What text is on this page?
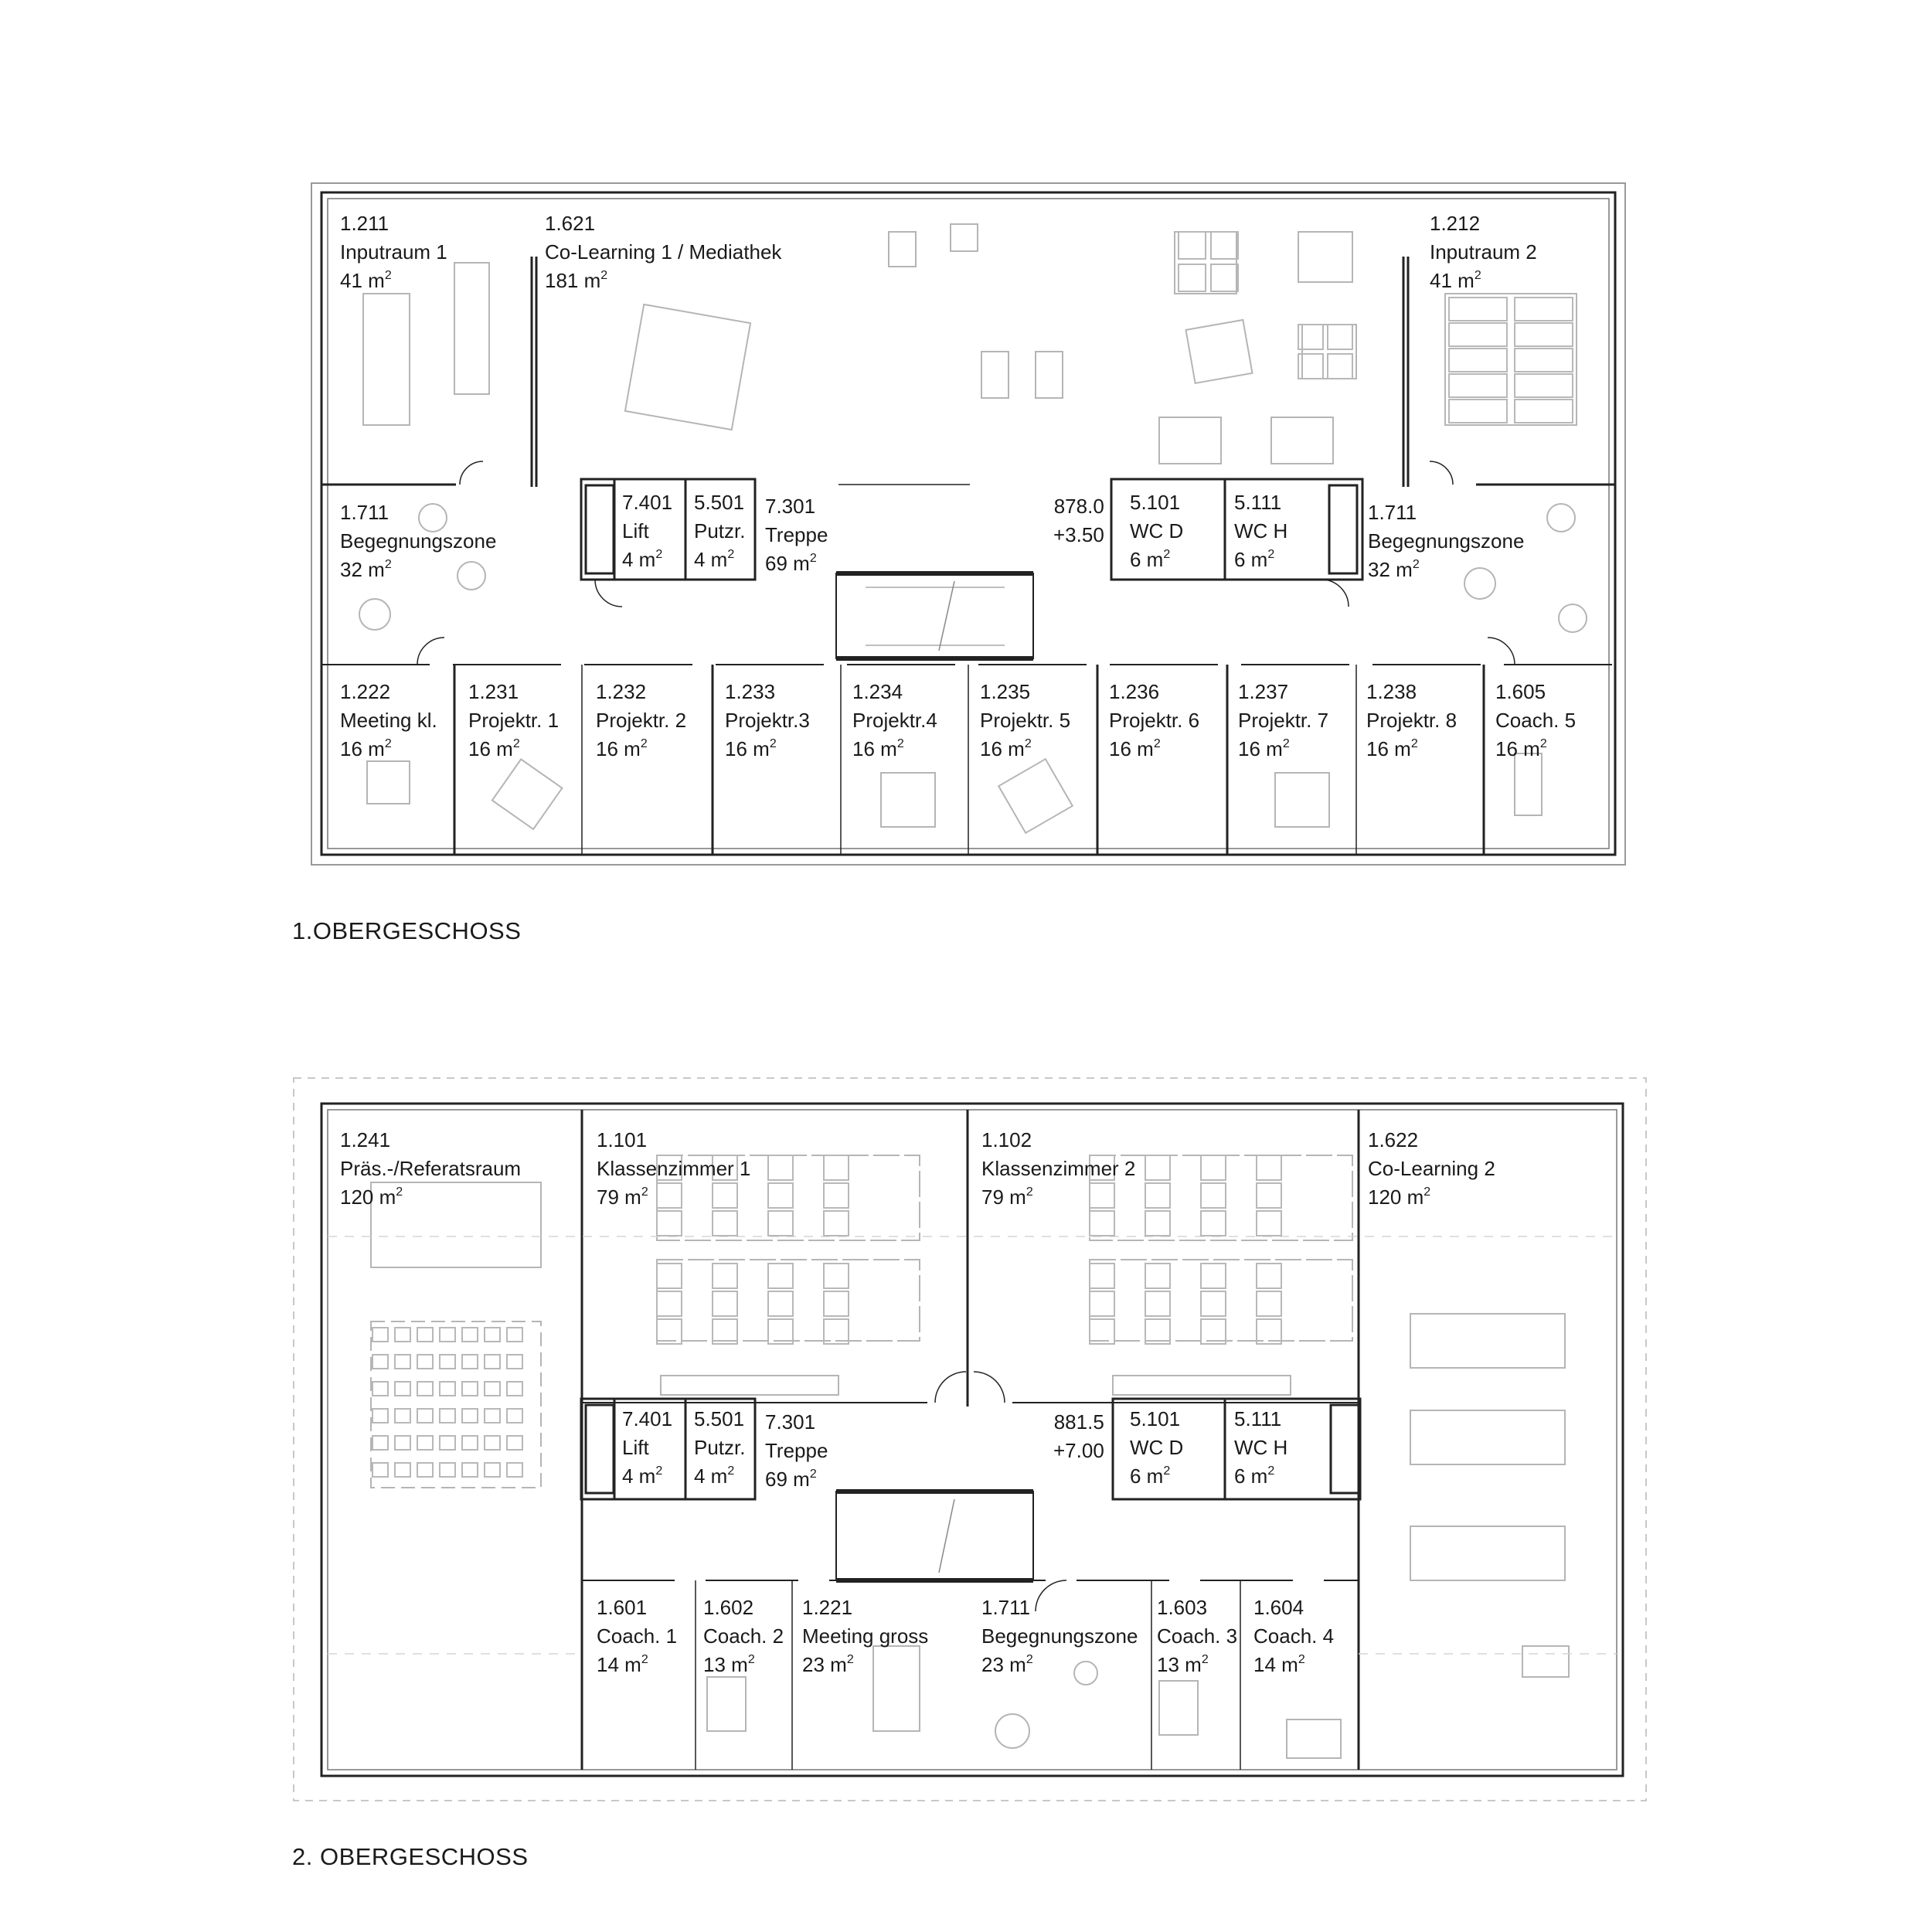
1.211
Inputraum 1
41 $m^2$
1.621
Co-Learning 1 / Mediathek
181 $m^2$
1.212
Inputraum 2
41 $m^2$
1.711
Begegnungszone
32 $m^2$
7.401
Lift
4 $m^2$
5.501
Putzr.
4 $m^2$
7.301
Treppe
69 $m^2$
878.0
+3.50
5.101
WC D
6 $m^2$
5.111
WC H
6 $m^2$
1.711
Begegnungszone
32 $m^2$
1.222
Meeting kl.
16 $m^2$
1.231
Projektr. 1
16 $m^2$
1.232
Projektr. 2
16 $m^2$
1.233
Projektr.3
16 $m^2$
1.234
Projektr.4
16 $m^2$
1.235
Projektr. 5
16 $m^2$
1.236
Projektr. 6
16 $m^2$
1.237
Projektr. 7
16 $m^2$
1.238
Projektr. 8
16 $m^2$
1.605
Coach. 5
16 $m^2$
1.OBERGESCHOSS
1.241
Präs.-/Referatsraum
120 $m^2$
1.101
Klassenzimmer 1
79 $m^2$
1.102
Klassenzimmer 2
79 $m^2$
1.622
Co-Learning 2
120 $m^2$
7.401
Lift
4 $m^2$
5.501
Putzr.
4 $m^2$
7.301
Treppe
69 $m^2$
881.5
+7.00
5.101
WC D
6 $m^2$
5.111
WC H
6 $m^2$
1.601
Coach. 1
14 $m^2$
1.602
Coach. 2
13 $m^2$
1.221
Meeting gross
23 $m^2$
1.711
Begegnungszone
23 $m^2$
1.603
Coach. 3
13 $m^2$
1.604
Coach. 4
14 $m^2$
2. OBERGESCHOSS
